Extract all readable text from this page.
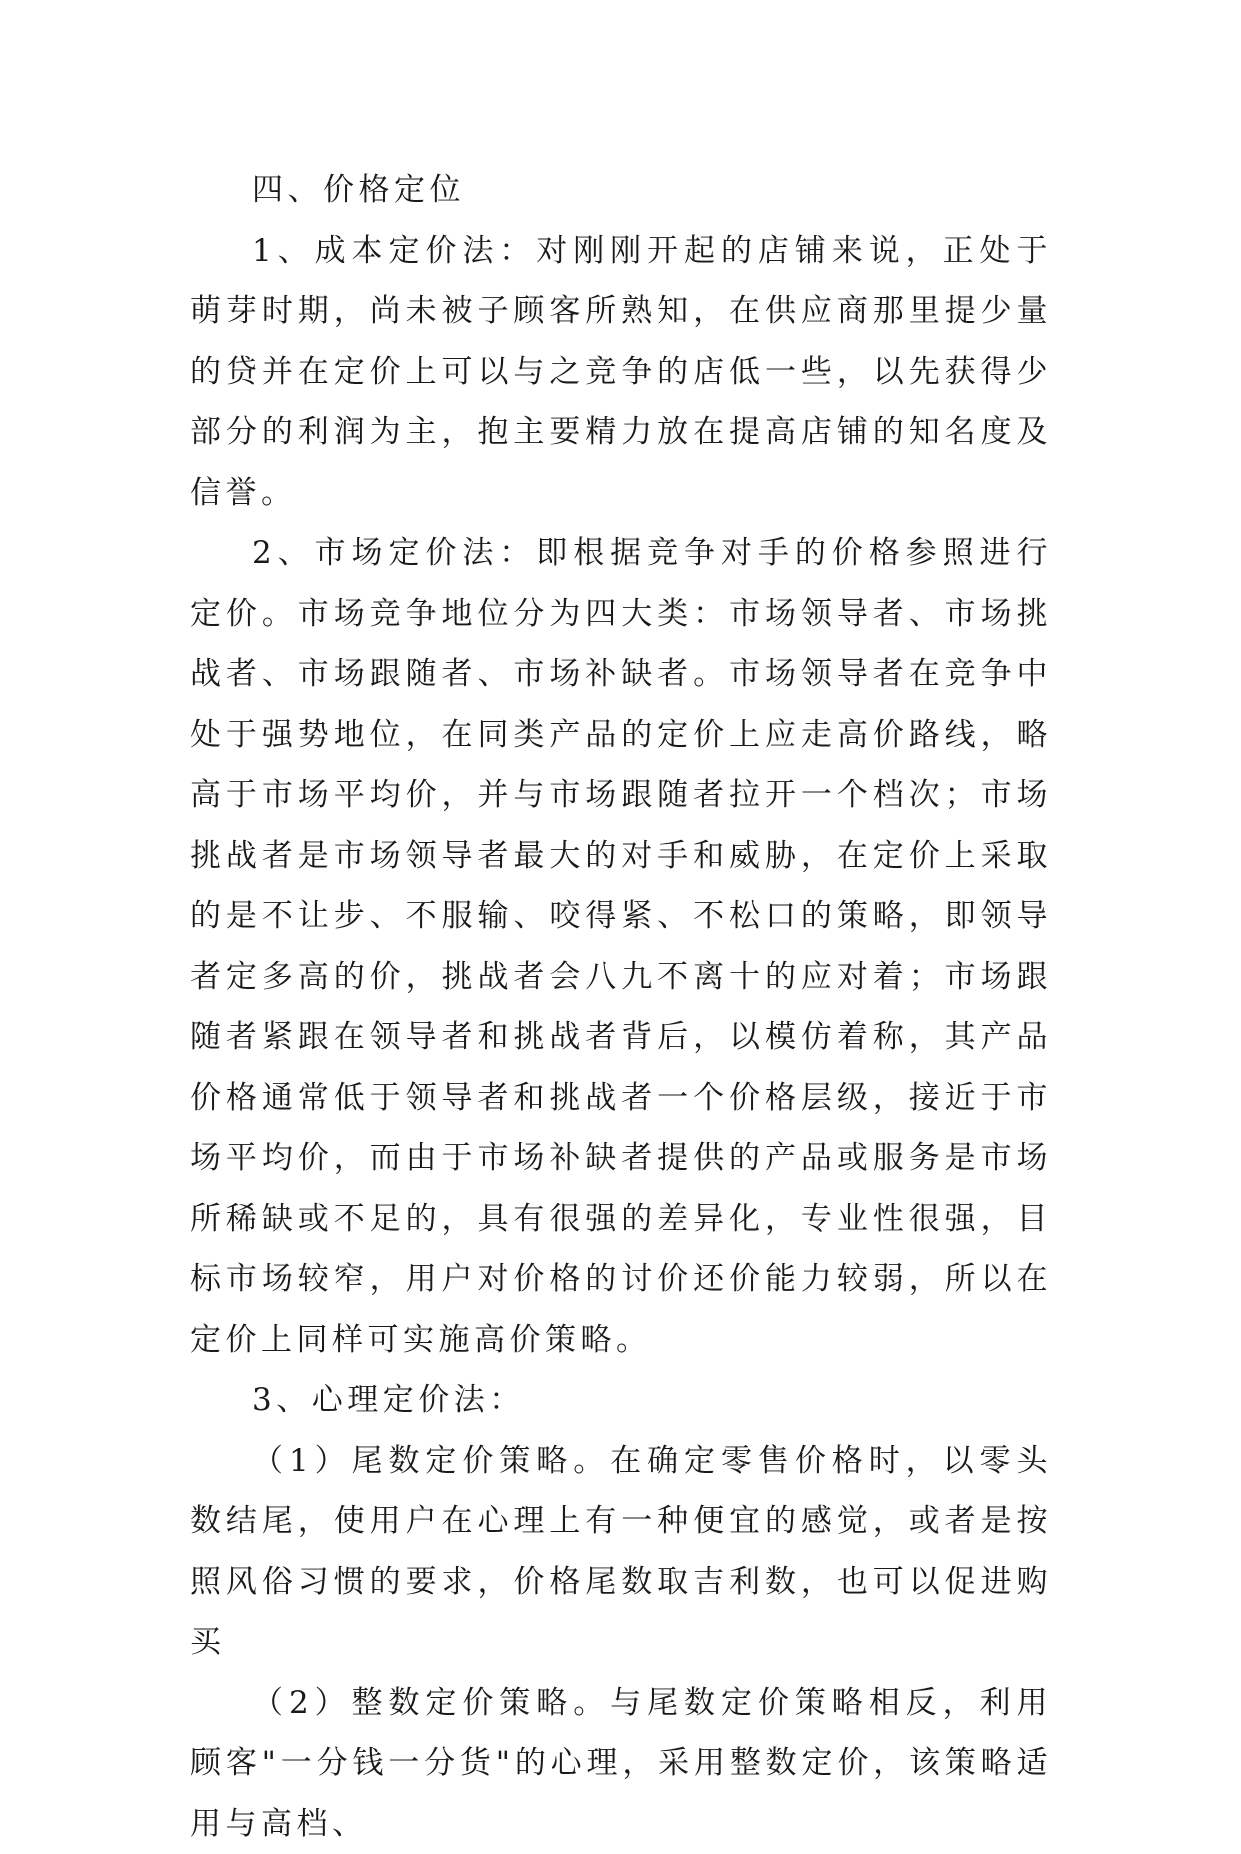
四、价格定位

1、成本定价法：对刚刚开起的店铺来说，正处于萌芽时期，尚未被子顾客所熟知，在供应商那里提少量的贷并在定价上可以与之竞争的店低一些，以先获得少部分的利润为主，抱主要精力放在提高店铺的知名度及信誉。

2、市场定价法：即根据竞争对手的价格参照进行定价。市场竞争地位分为四大类：市场领导者、市场挑战者、市场跟随者、市场补缺者。市场领导者在竞争中处于强势地位，在同类产品的定价上应走高价路线，略高于市场平均价，并与市场跟随者拉开一个档次；市场挑战者是市场领导者最大的对手和威胁，在定价上采取的是不让步、不服输、咬得紧、不松口的策略，即领导者定多高的价，挑战者会八九不离十的应对着；市场跟随者紧跟在领导者和挑战者背后，以模仿着称，其产品价格通常低于领导者和挑战者一个价格层级，接近于市场平均价，而由于市场补缺者提供的产品或服务是市场所稀缺或不足的，具有很强的差异化，专业性很强，目标市场较窄，用户对价格的讨价还价能力较弱，所以在定价上同样可实施高价策略。

3、心理定价法：

（1）尾数定价策略。在确定零售价格时，以零头数结尾，使用户在心理上有一种便宜的感觉，或者是按照风俗习惯的要求，价格尾数取吉利数，也可以促进购买

（2）整数定价策略。与尾数定价策略相反，利用顾客"一分钱一分货"的心理，采用整数定价，该策略适用与高档、
